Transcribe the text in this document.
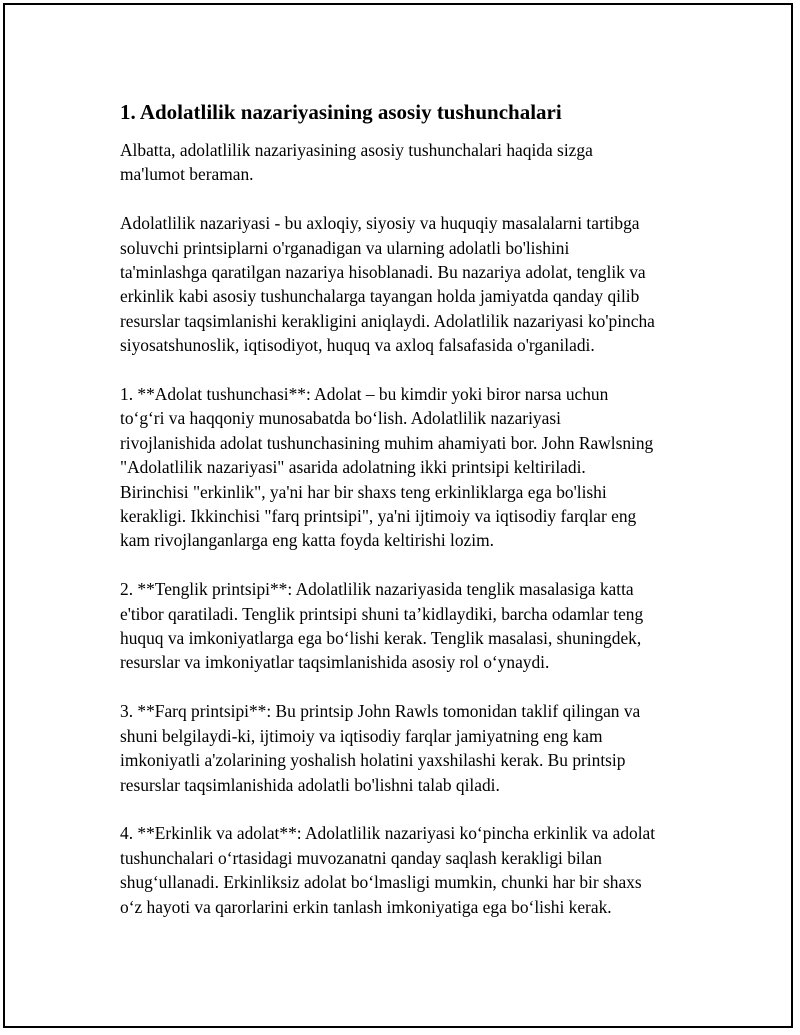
1. Adolatlilik nazariyasining asosiy tushunchalari
Albatta, adolatlilik nazariyasining asosiy tushunchalari haqida sizga
ma'lumot beraman.
Adolatlilik nazariyasi - bu axloqiy, siyosiy va huquqiy masalalarni tartibga
soluvchi printsiplarni o'rganadigan va ularning adolatli bo'lishini
ta'minlashga qaratilgan nazariya hisoblanadi. Bu nazariya adolat, tenglik va
erkinlik kabi asosiy tushunchalarga tayangan holda jamiyatda qanday qilib
resurslar taqsimlanishi kerakligini aniqlaydi. Adolatlilik nazariyasi ko'pincha
siyosatshunoslik, iqtisodiyot, huquq va axloq falsafasida o'rganiladi.
1. **Adolat tushunchasi**: Adolat – bu kimdir yoki biror narsa uchun
to‘g‘ri va haqqoniy munosabatda bo‘lish. Adolatlilik nazariyasi
rivojlanishida adolat tushunchasining muhim ahamiyati bor. John Rawlsning
"Adolatlilik nazariyasi" asarida adolatning ikki printsipi keltiriladi.
Birinchisi "erkinlik", ya'ni har bir shaxs teng erkinliklarga ega bo'lishi
kerakligi. Ikkinchisi "farq printsipi", ya'ni ijtimoiy va iqtisodiy farqlar eng
kam rivojlanganlarga eng katta foyda keltirishi lozim.
2. **Tenglik printsipi**: Adolatlilik nazariyasida tenglik masalasiga katta
e'tibor qaratiladi. Tenglik printsipi shuni ta’kidlaydiki, barcha odamlar teng
huquq va imkoniyatlarga ega bo‘lishi kerak. Tenglik masalasi, shuningdek,
resurslar va imkoniyatlar taqsimlanishida asosiy rol o‘ynaydi.
3. **Farq printsipi**: Bu printsip John Rawls tomonidan taklif qilingan va
shuni belgilaydi-ki, ijtimoiy va iqtisodiy farqlar jamiyatning eng kam
imkoniyatli a'zolarining yoshalish holatini yaxshilashi kerak. Bu printsip
resurslar taqsimlanishida adolatli bo'lishni talab qiladi.
4. **Erkinlik va adolat**: Adolatlilik nazariyasi ko‘pincha erkinlik va adolat
tushunchalari o‘rtasidagi muvozanatni qanday saqlash kerakligi bilan
shug‘ullanadi. Erkinliksiz adolat bo‘lmasligi mumkin, chunki har bir shaxs
o‘z hayoti va qarorlarini erkin tanlash imkoniyatiga ega bo‘lishi kerak.
